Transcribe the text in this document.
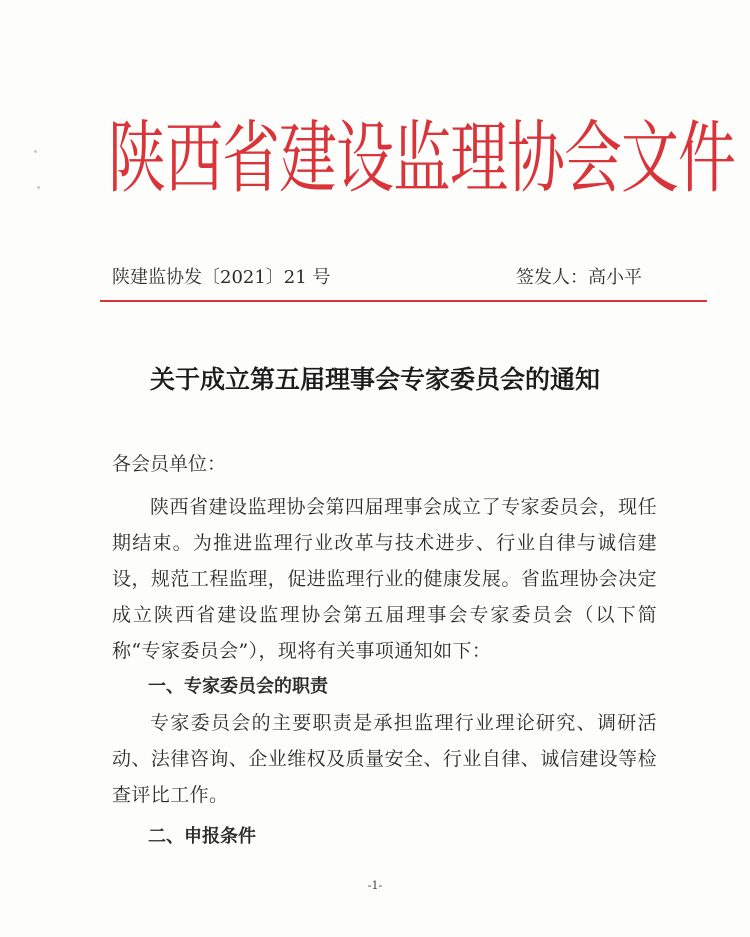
陕西省建设监理协会文件
陕建监协发〔2021〕21 号	签发人：高小平
关于成立第五届理事会专家委员会的通知

各会员单位：

陕西省建设监理协会第四届理事会成立了专家委员会，现任期结束。为推进监理行业改革与技术进步、行业自律与诚信建设，规范工程监理，促进监理行业的健康发展。省监理协会决定成立陕西省建设监理协会第五届理事会专家委员会（以下简称“专家委员会”），现将有关事项通知如下：

一、专家委员会的职责

专家委员会的主要职责是承担监理行业理论研究、调研活动、法律咨询、企业维权及质量安全、行业自律、诚信建设等检查评比工作。

二、申报条件

-1-
